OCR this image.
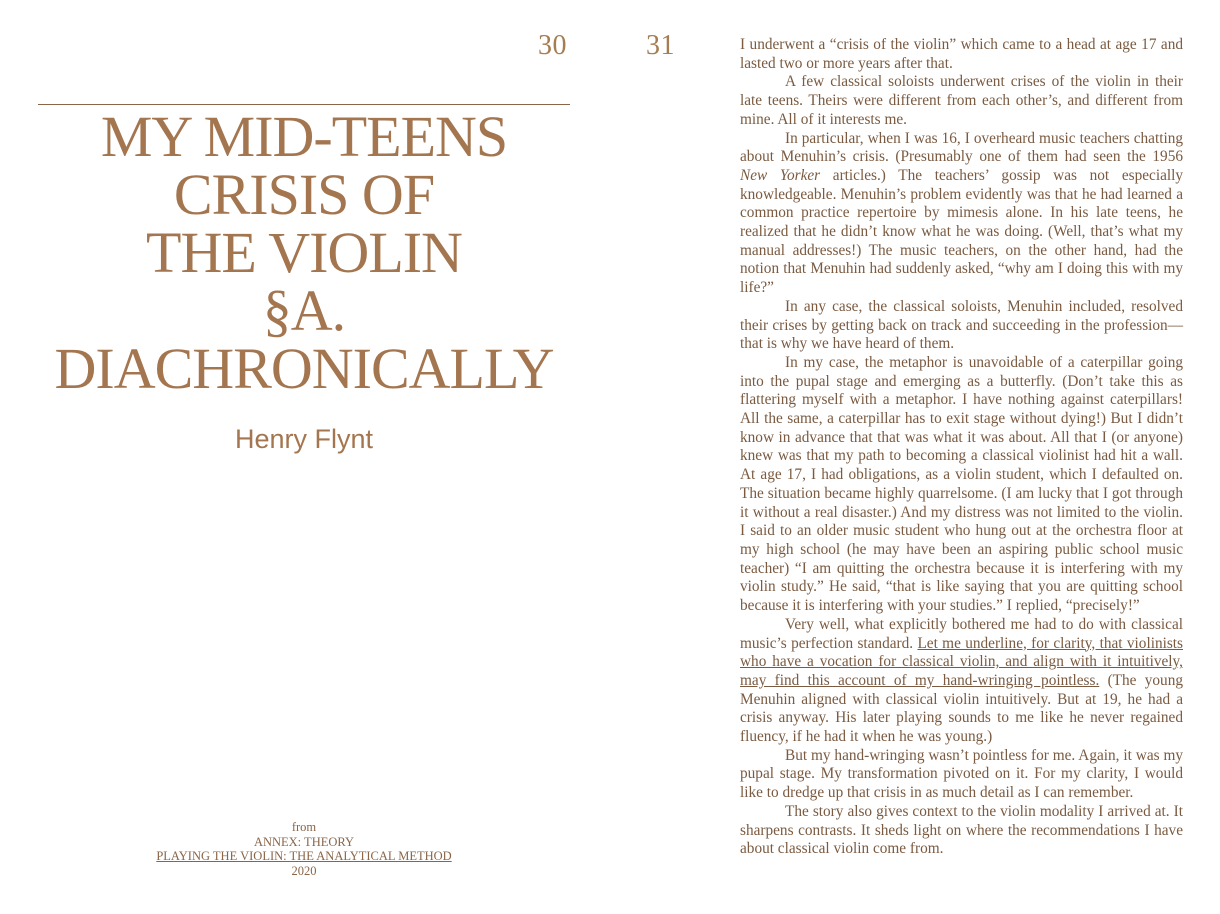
30	31
MY MID-TEENS
CRISIS OF
THE VIOLIN
§A.
DIACHRONICALLY
Henry Flynt
from
ANNEX: THEORY
PLAYING THE VIOLIN: THE ANALYTICAL METHOD
2020

I underwent a “crisis of the violin” which came to a head at age 17 and lasted two or more years after that.

A few classical soloists underwent crises of the violin in their late teens. Theirs were different from each other’s, and different from mine. All of it interests me.

In particular, when I was 16, I overheard music teachers chatting about Menuhin’s crisis. (Presumably one of them had seen the 1956 New Yorker articles.) The teachers’ gossip was not especially knowledgeable. Menuhin’s problem evidently was that he had learned a common practice repertoire by mimesis alone. In his late teens, he realized that he didn’t know what he was doing. (Well, that’s what my manual addresses!) The music teachers, on the other hand, had the notion that Menuhin had suddenly asked, “why am I doing this with my life?”

In any case, the classical soloists, Menuhin included, resolved their crises by getting back on track and succeeding in the profession—that is why we have heard of them.

In my case, the metaphor is unavoidable of a caterpillar going into the pupal stage and emerging as a butterfly. (Don’t take this as flattering myself with a metaphor. I have nothing against caterpillars! All the same, a caterpillar has to exit stage without dying!) But I didn’t know in advance that that was what it was about. All that I (or anyone) knew was that my path to becoming a classical violinist had hit a wall. At age 17, I had obligations, as a violin student, which I defaulted on. The situation became highly quarrelsome. (I am lucky that I got through it without a real disaster.) And my distress was not limited to the violin. I said to an older music student who hung out at the orchestra floor at my high school (he may have been an aspiring public school music teacher) “I am quitting the orchestra because it is interfering with my violin study.” He said, “that is like saying that you are quitting school because it is interfering with your studies.” I replied, “precisely!”

Very well, what explicitly bothered me had to do with classical music’s perfection standard. Let me underline, for clarity, that violinists who have a vocation for classical violin, and align with it intuitively, may find this account of my hand-wringing pointless. (The young Menuhin aligned with classical violin intuitively. But at 19, he had a crisis anyway. His later playing sounds to me like he never regained fluency, if he had it when he was young.)

But my hand-wringing wasn’t pointless for me. Again, it was my pupal stage. My transformation pivoted on it. For my clarity, I would like to dredge up that crisis in as much detail as I can remember.

The story also gives context to the violin modality I arrived at. It sharpens contrasts. It sheds light on where the recommendations I have about classical violin come from.
